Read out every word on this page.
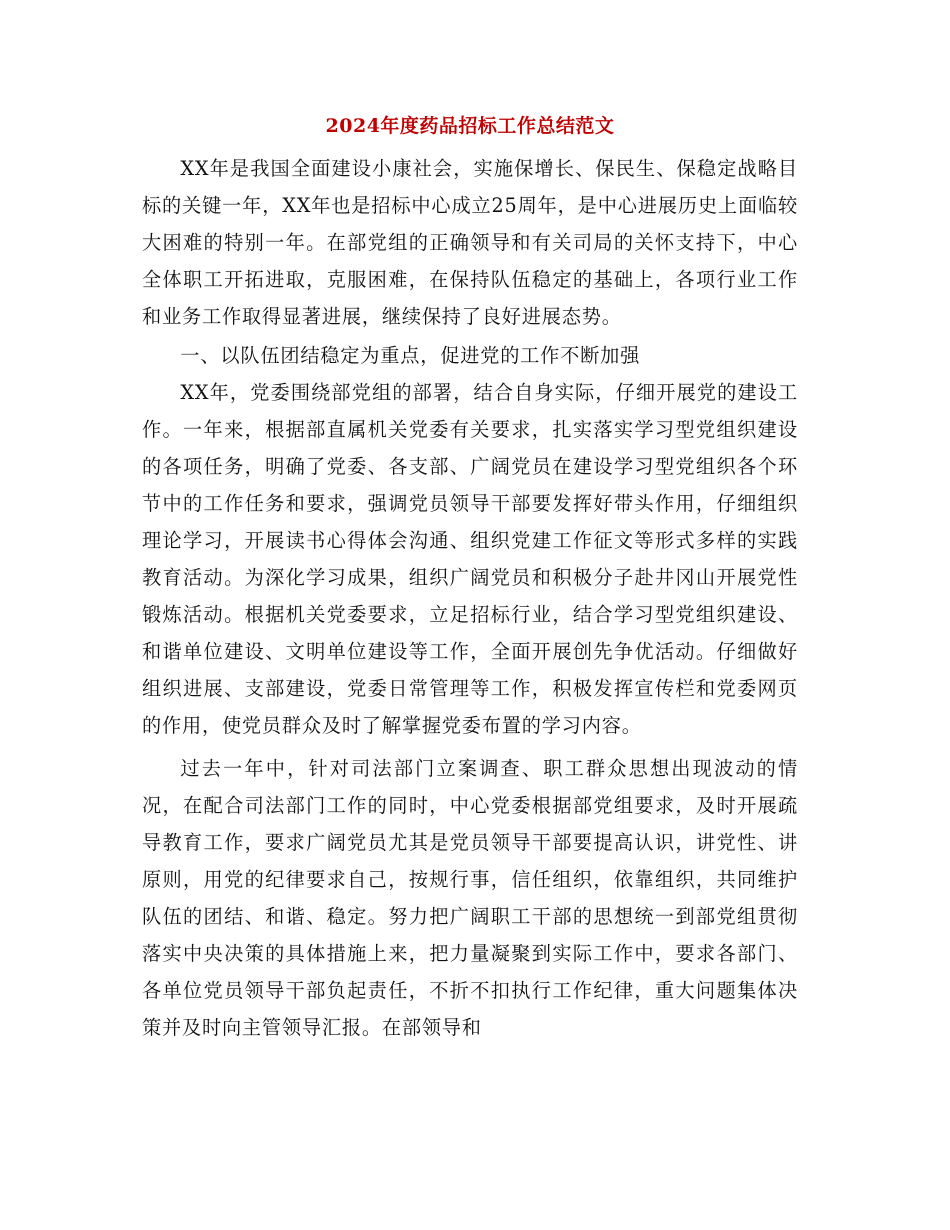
2024年度药品招标工作总结范文

XX年是我国全面建设小康社会，实施保增长、保民生、保稳定战略目标的关键一年，XX年也是招标中心成立25周年，是中心进展历史上面临较大困难的特别一年。在部党组的正确领导和有关司局的关怀支持下，中心全体职工开拓进取，克服困难，在保持队伍稳定的基础上，各项行业工作和业务工作取得显著进展，继续保持了良好进展态势。

一、以队伍团结稳定为重点，促进党的工作不断加强

XX年，党委围绕部党组的部署，结合自身实际，仔细开展党的建设工作。一年来，根据部直属机关党委有关要求，扎实落实学习型党组织建设的各项任务，明确了党委、各支部、广阔党员在建设学习型党组织各个环节中的工作任务和要求，强调党员领导干部要发挥好带头作用，仔细组织理论学习，开展读书心得体会沟通、组织党建工作征文等形式多样的实践教育活动。为深化学习成果，组织广阔党员和积极分子赴井冈山开展党性锻炼活动。根据机关党委要求，立足招标行业，结合学习型党组织建设、和谐单位建设、文明单位建设等工作，全面开展创先争优活动。仔细做好组织进展、支部建设，党委日常管理等工作，积极发挥宣传栏和党委网页的作用，使党员群众及时了解掌握党委布置的学习内容。

过去一年中，针对司法部门立案调查、职工群众思想出现波动的情况，在配合司法部门工作的同时，中心党委根据部党组要求，及时开展疏导教育工作，要求广阔党员尤其是党员领导干部要提高认识，讲党性、讲原则，用党的纪律要求自己，按规行事，信任组织，依靠组织，共同维护队伍的团结、和谐、稳定。努力把广阔职工干部的思想统一到部党组贯彻落实中央决策的具体措施上来，把力量凝聚到实际工作中，要求各部门、各单位党员领导干部负起责任，不折不扣执行工作纪律，重大问题集体决策并及时向主管领导汇报。在部领导和
